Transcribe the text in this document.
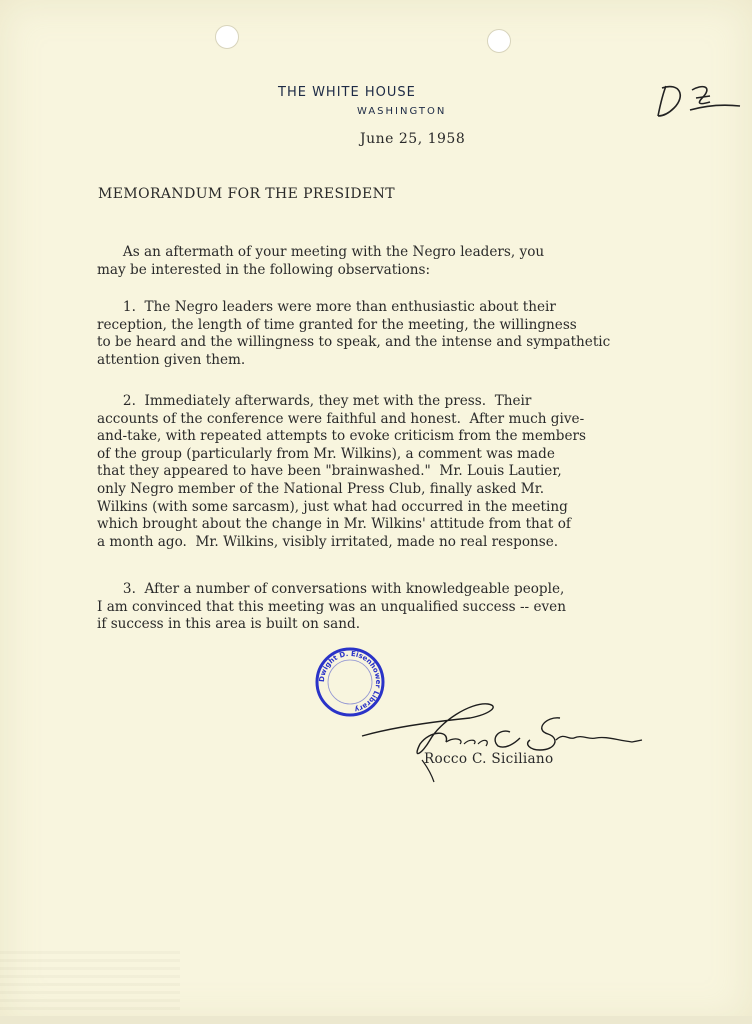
THE WHITE HOUSE
WASHINGTON
June 25, 1958
MEMORANDUM FOR THE PRESIDENT

As an aftermath of your meeting with the Negro leaders, you
may be interested in the following observations:

1.  The Negro leaders were more than enthusiastic about their
reception, the length of time granted for the meeting, the willingness
to be heard and the willingness to speak, and the intense and sympathetic
attention given them.

2.  Immediately afterwards, they met with the press.  Their
accounts of the conference were faithful and honest.  After much give-
and-take, with repeated attempts to evoke criticism from the members
of the group (particularly from Mr. Wilkins), a comment was made
that they appeared to have been "brainwashed."  Mr. Louis Lautier,
only Negro member of the National Press Club, finally asked Mr.
Wilkins (with some sarcasm), just what had occurred in the meeting
which brought about the change in Mr. Wilkins' attitude from that of
a month ago.  Mr. Wilkins, visibly irritated, made no real response.

3.  After a number of conversations with knowledgeable people,
I am convinced that this meeting was an unqualified success -- even
if success in this area is built on sand.

Dwight D. Eisenhower Library
Rocco C. Siciliano
